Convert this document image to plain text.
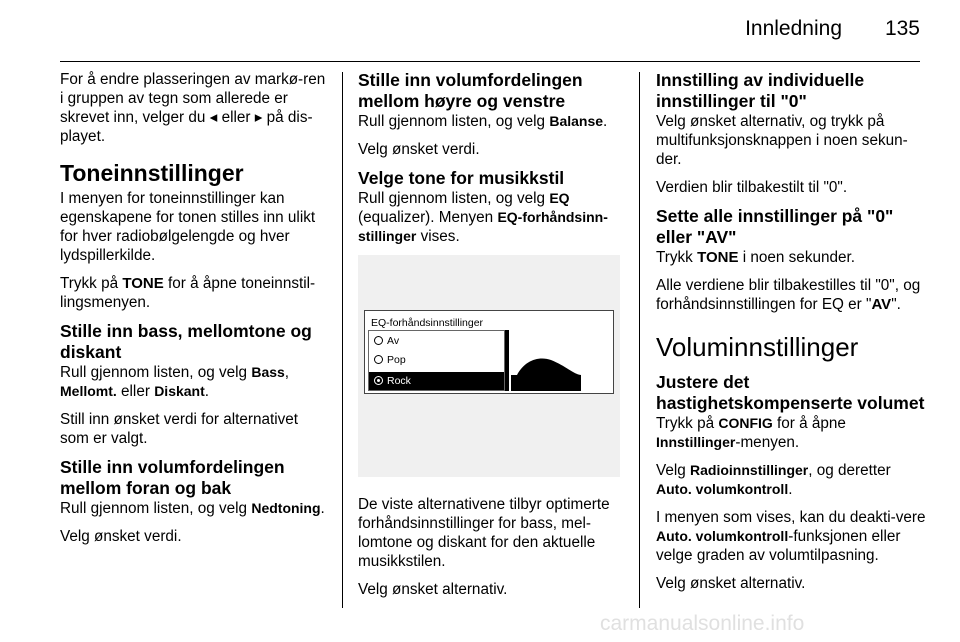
Innledning 135

For å endre plasseringen av markø-ren i gruppen av tegn som allerede er skrevet inn, velger du ◂ eller ▸ på dis-playet.

Toneinnstillinger

I menyen for toneinnstillinger kan egenskapene for tonen stilles inn ulikt for hver radiobølgelengde og hver lydspillerkilde.

Trykk på TONE for å åpne toneinnstil-lingsmenyen.

Stille inn bass, mellomtone og diskant

Rull gjennom listen, og velg Bass, Mellomt. eller Diskant.

Still inn ønsket verdi for alternativet som er valgt.

Stille inn volumfordelingen mellom foran og bak

Rull gjennom listen, og velg Nedtoning.

Velg ønsket verdi.

Stille inn volumfordelingen mellom høyre og venstre

Rull gjennom listen, og velg Balanse.

Velg ønsket verdi.

Velge tone for musikkstil

Rull gjennom listen, og velg EQ (equalizer). Menyen EQ-forhåndsinn-stillinger vises.

EQ-forhåndsinnstillinger
Av
Pop
Rock

De viste alternativene tilbyr optimerte forhåndsinnstillinger for bass, mel-lomtone og diskant for den aktuelle musikkstilen.

Velg ønsket alternativ.

Innstilling av individuelle innstillinger til "0"

Velg ønsket alternativ, og trykk på multifunksjonsknappen i noen sekun-der.

Verdien blir tilbakestilt til "0".

Sette alle innstillinger på "0" eller "AV"

Trykk TONE i noen sekunder.

Alle verdiene blir tilbakestilles til "0", og forhåndsinnstillingen for EQ er "AV".

Voluminnstillinger
Justere det hastighetskompenserte volumet

Trykk på CONFIG for å åpne Innstillinger-menyen.

Velg Radioinnstillinger, og deretter Auto. volumkontroll.

I menyen som vises, kan du deakti-vere Auto. volumkontroll-funksjonen eller velge graden av volumtilpasning.

Velg ønsket alternativ.

carmanualsonline.info
